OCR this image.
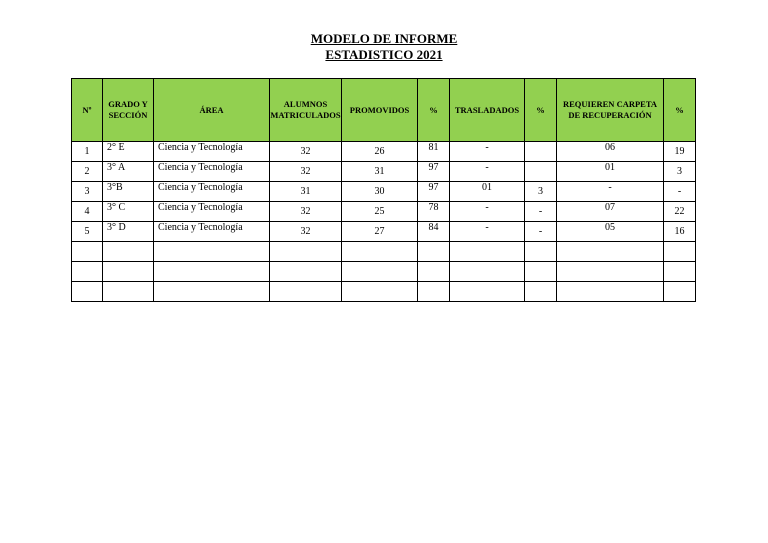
MODELO DE INFORME
ESTADISTICO 2021
Nº	GRADO Y SECCIÓN	ÁREA	ALUMNOS MATRICULADOS	PROMOVIDOS	%	TRASLADADOS	%	REQUIEREN CARPETA DE RECUPERACIÓN	%
1	2° E	Ciencia y Tecnología	32	26	81	-		06	19
2	3° A	Ciencia y Tecnología	32	31	97	-		01	3
3	3°B	Ciencia y Tecnología	31	30	97	01	3	-	-
4	3° C	Ciencia y Tecnología	32	25	78	-	-	07	22
5	3° D	Ciencia y Tecnología	32	27	84	-	-	05	16
